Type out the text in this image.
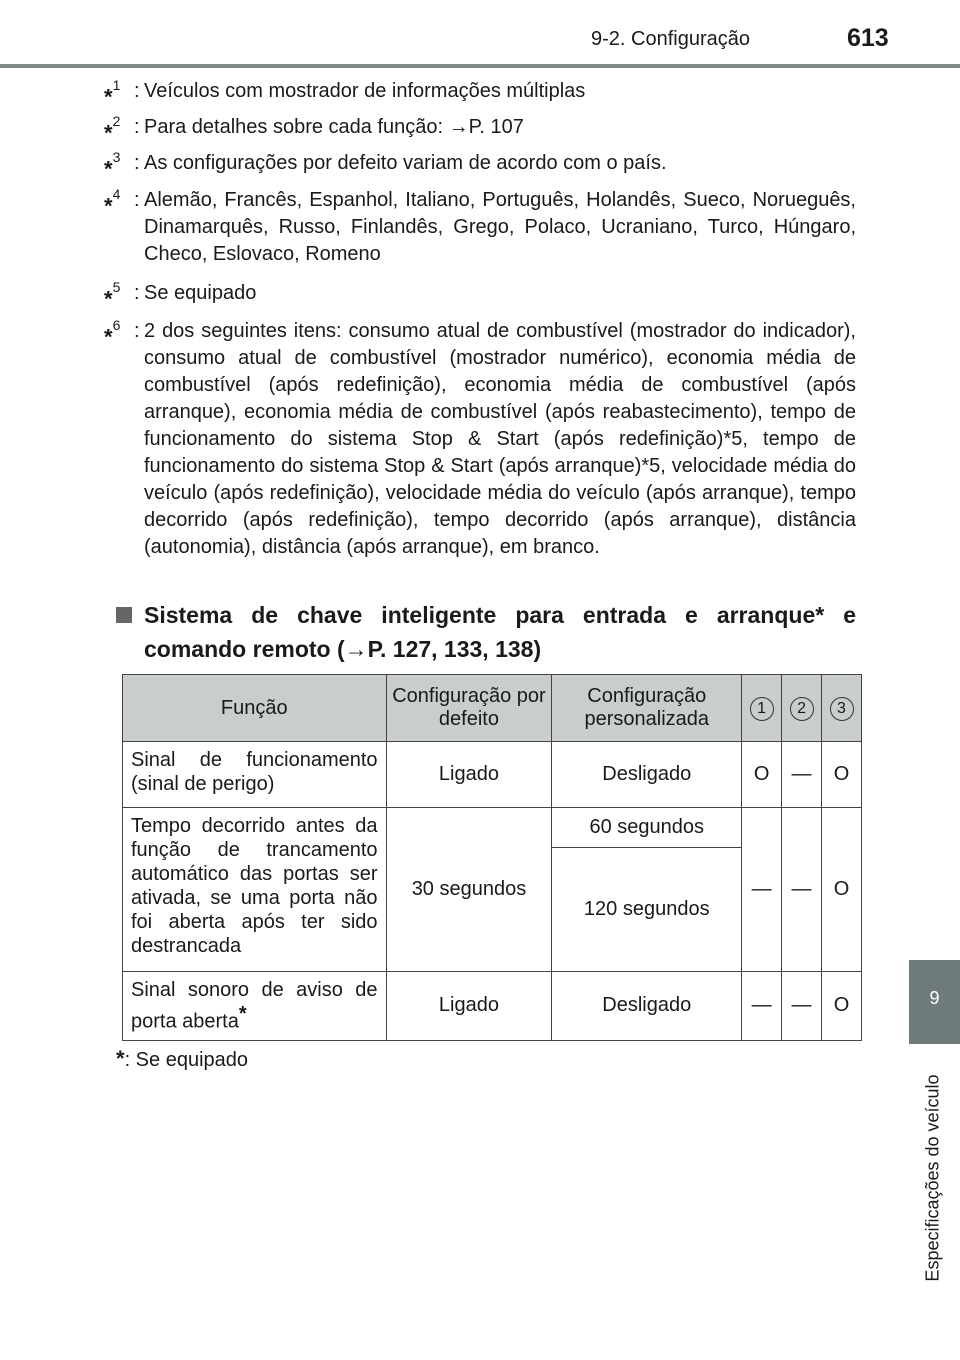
9-2. Configuração	613
9
Especificações do veículo
*$^1$ : Veículos com mostrador de informações múltiplas
*$^2$ : Para detalhes sobre cada função: →P. 107
*$^3$ : As configurações por defeito variam de acordo com o país.
*$^4$ : Alemão, Francês, Espanhol, Italiano, Português, Holandês, Sueco, Norueguês, Dinamarquês, Russo, Finlandês, Grego, Polaco, Ucraniano, Turco, Húngaro, Checo, Eslovaco, Romeno
*$^5$ : Se equipado
*$^6$ : 2 dos seguintes itens: consumo atual de combustível (mostrador do indicador), consumo atual de combustível (mostrador numérico), economia média de combustível (após redefinição), economia média de combustível (após arranque), economia média de combustível (após reabastecimento), tempo de funcionamento do sistema Stop & Start (após redefinição)*5, tempo de funcionamento do sistema Stop & Start (após arranque)*5, velocidade média do veículo (após redefinição), velocidade média do veículo (após arranque), tempo decorrido (após redefinição), tempo decorrido (após arranque), distância (autonomia), distância (após arranque), em branco.
Sistema de chave inteligente para entrada e arranque* e comando remoto (→P. 127, 133, 138)
Função	Configuração por defeito	Configuração personalizada	1	2	3
Sinal de funcionamento (sinal de perigo)	Ligado	Desligado	O	—	O
Tempo decorrido antes da função de trancamento automático das portas ser ativada, se uma porta não foi aberta após ter sido destrancada	30 segundos	60 segundos	—	—	O
		120 segundos			
Sinal sonoro de aviso de porta aberta*	Ligado	Desligado	—	—	O
*: Se equipado
